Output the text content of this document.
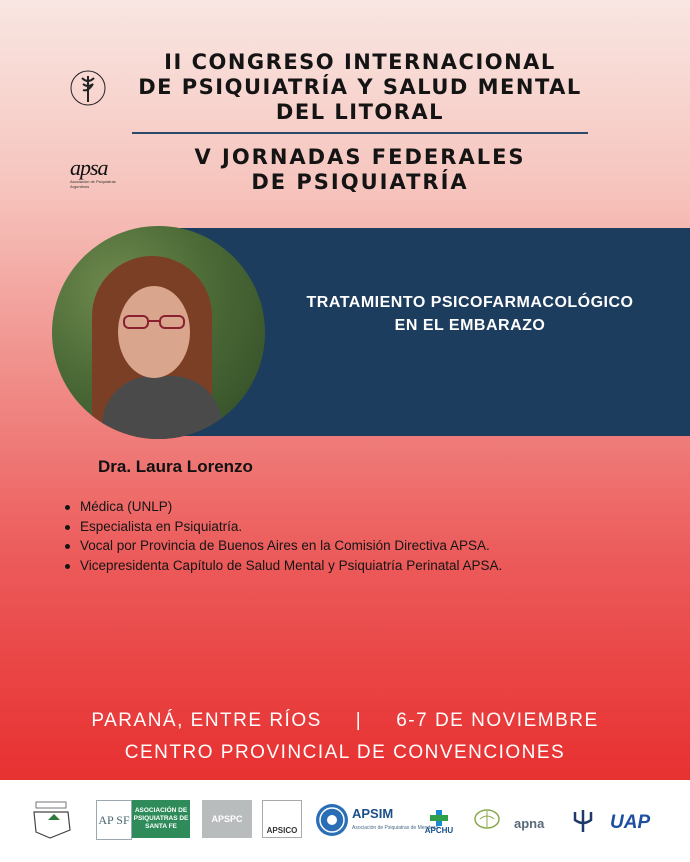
apsa
Asociación de Psiquiatras Argentinos
II CONGRESO INTERNACIONAL
DE PSIQUIATRÍA Y SALUD MENTAL
DEL LITORAL
V JORNADAS FEDERALES
DE PSIQUIATRÍA
TRATAMIENTO PSICOFARMACOLÓGICO
EN EL EMBARAZO
Dra. Laura Lorenzo
Médica (UNLP)
Especialista en Psiquiatría.
Vocal por Provincia de Buenos Aires en la Comisión Directiva APSA.
Vicepresidenta Capítulo de Salud Mental y Psiquiatría Perinatal APSA.
PARANÁ, ENTRE RÍOS | 6-7 DE NOVIEMBRE
CENTRO PROVINCIAL DE CONVENCIONES
AP SF
ASOCIACIÓN DE PSIQUIATRAS DE SANTA FE
APSPC
APSICO
APSIM
Asociación de Psiquiatras de Mendoza
APCHU	apna	UAP
